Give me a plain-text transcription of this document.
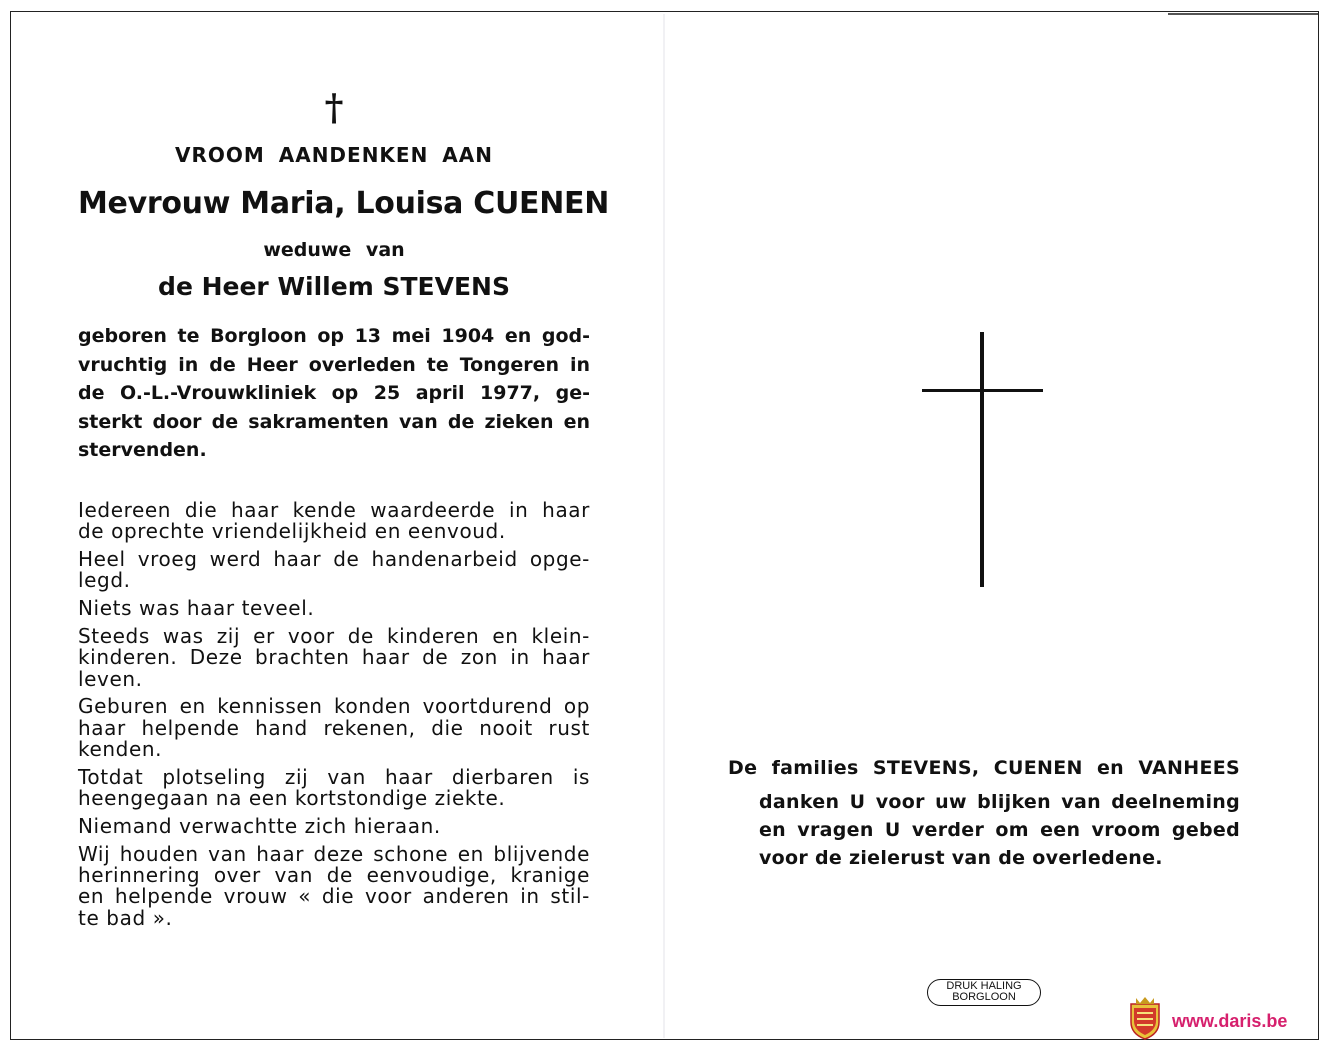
†
VROOM AANDENKEN AAN
Mevrouw Maria, Louisa CUENEN
weduwe van
de Heer Willem STEVENS
geboren te Borgloon op 13 mei 1904 en god-
vruchtig in de Heer overleden te Tongeren in
de O.-L.-Vrouwkliniek op 25 april 1977, ge-
sterkt door de sakramenten van de zieken en
stervenden.

Iedereen die haar kende waardeerde in haar

de oprechte vriendelijkheid en eenvoud.

Heel vroeg werd haar de handenarbeid opge-

legd.

Niets was haar teveel.

Steeds was zij er voor de kinderen en klein-

kinderen. Deze brachten haar de zon in haar

leven.

Geburen en kennissen konden voortdurend op

haar helpende hand rekenen, die nooit rust

kenden.

Totdat plotseling zij van haar dierbaren is

heengegaan na een kortstondige ziekte.

Niemand verwachtte zich hieraan.

Wij houden van haar deze schone en blijvende

herinnering over van de eenvoudige, kranige

en helpende vrouw « die voor anderen in stil-

te bad ».

De families STEVENS, CUENEN en VANHEES
danken U voor uw blijken van deelneming
en vragen U verder om een vroom gebed
voor de zielerust van de overledene.
DRUK HALING
BORGLOON
www.daris.be
